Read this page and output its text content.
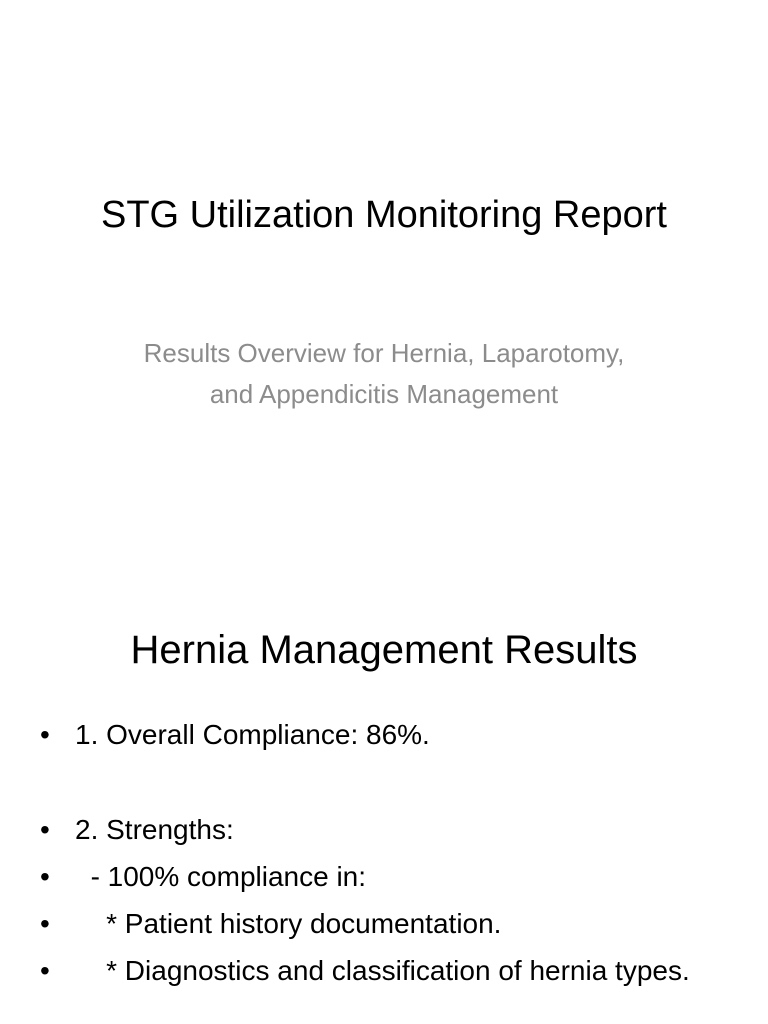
STG Utilization Monitoring Report
Results Overview for Hernia, Laparotomy, and Appendicitis Management
Hernia Management Results
• 1. Overall Compliance: 86%.
• 2. Strengths:
• - 100% compliance in:
• * Patient history documentation.
• * Diagnostics and classification of hernia types.
